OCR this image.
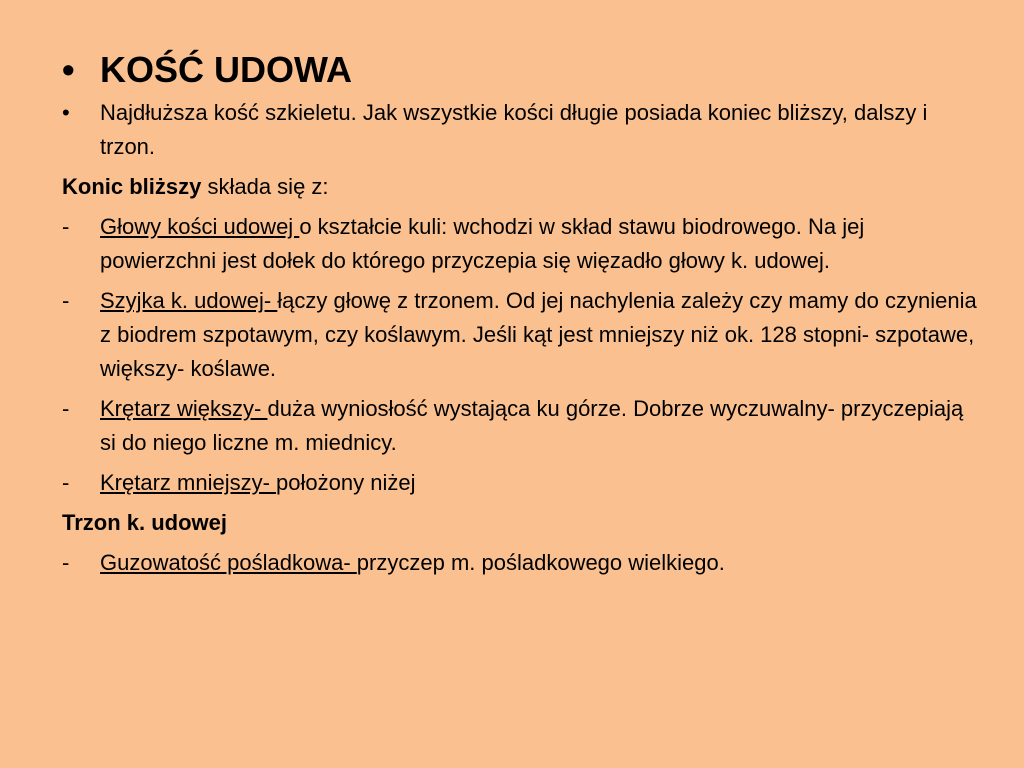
• KOŚĆ UDOWA
•	Najdłuższa kość szkieletu. Jak wszystkie kości długie posiada koniec bliższy, dalszy i trzon.
Konic bliższy składa się z:
-	Głowy kości udowej o kształcie kuli: wchodzi w skład stawu biodrowego. Na jej powierzchni jest dołek do którego przyczepia się więzadło głowy k. udowej.
-	Szyjka k. udowej- łączy głowę z trzonem. Od jej nachylenia zależy czy mamy do czynienia z biodrem szpotawym, czy koślawym. Jeśli kąt jest mniejszy niż ok. 128 stopni- szpotawe, większy- koślawe.
-	Krętarz większy- duża wyniosłość wystająca ku górze. Dobrze wyczuwalny- przyczepiają si do niego liczne m. miednicy.
-	Krętarz mniejszy- położony niżej
Trzon k. udowej
-	Guzowatość pośladkowa- przyczep m. pośladkowego wielkiego.
